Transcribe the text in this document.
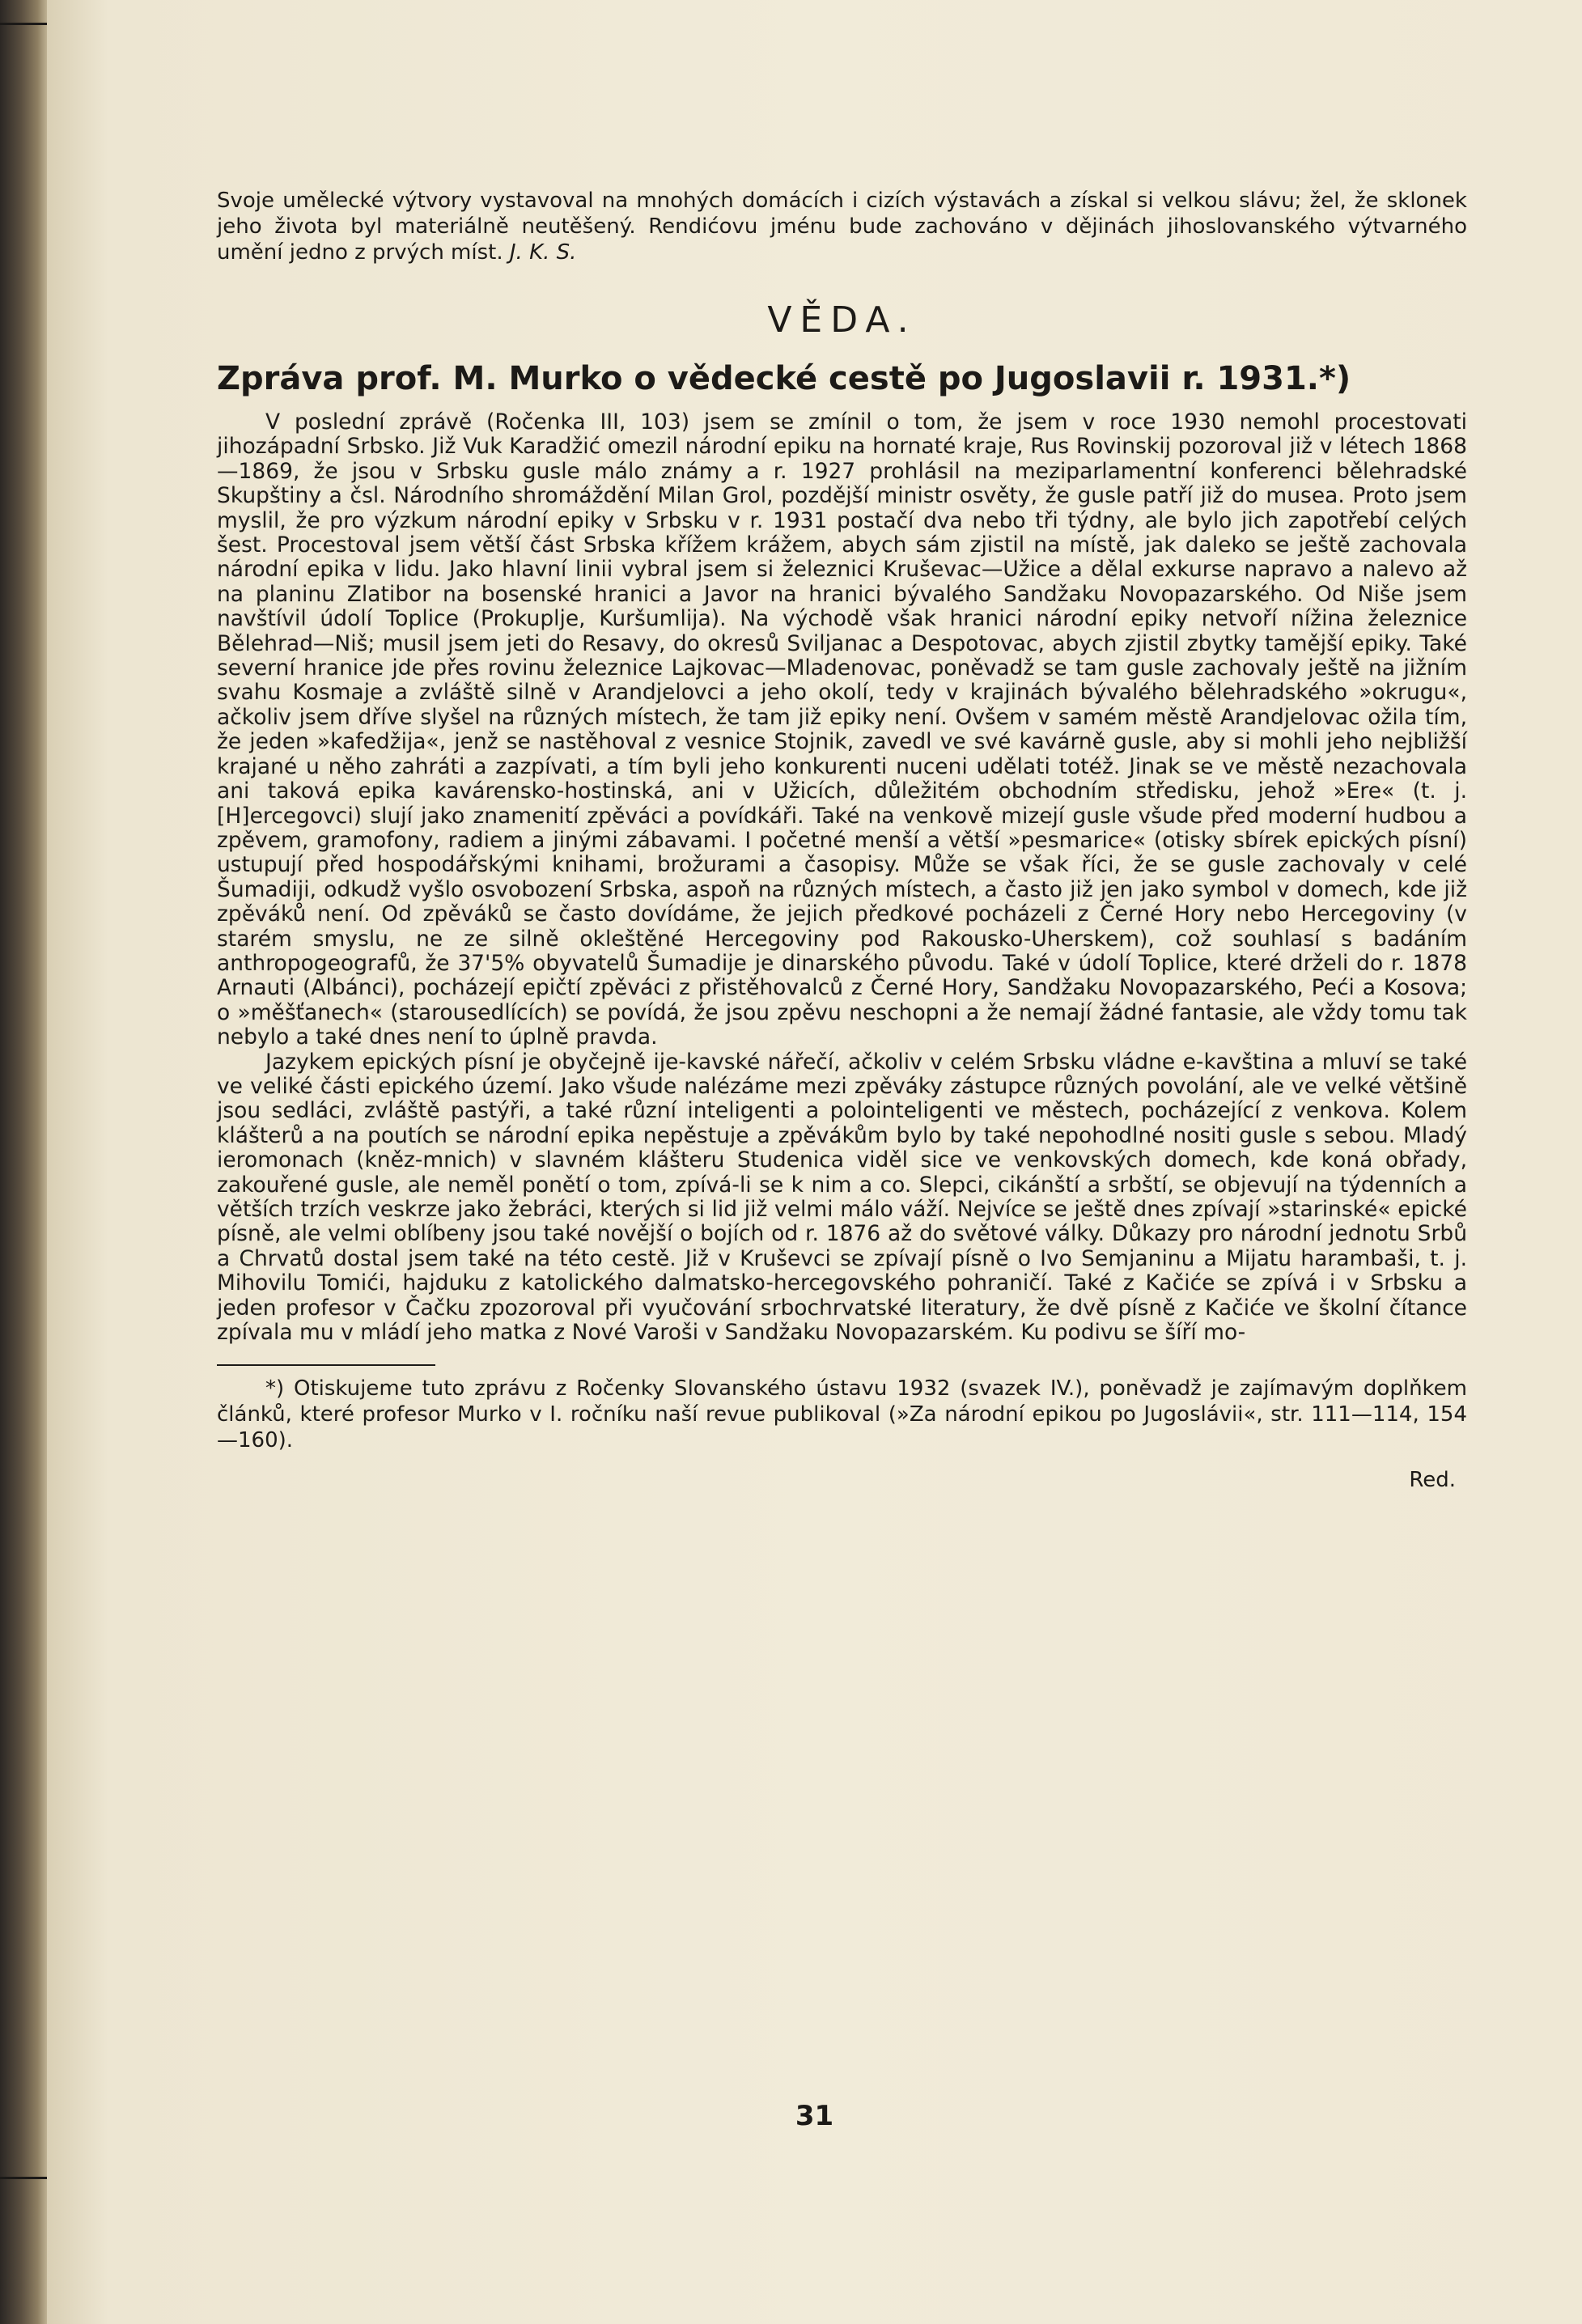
Svoje umělecké výtvory vystavoval na mnohých domácích i cizích výstavách a získal si velkou slávu; žel, že sklonek jeho života byl materiálně neutěšený. Rendićovu jménu bude zachováno v dějinách jihoslovanského výtvarného umění jedno z prvých míst. J. K. S.

VĚDA.
Zpráva prof. M. Murko o vědecké cestě po Jugoslavii r. 1931.*)

V poslední zprávě (Ročenka III, 103) jsem se zmínil o tom, že jsem v roce 1930 nemohl procestovati jihozápadní Srbsko. Již Vuk Karadžić omezil národní epiku na hornaté kraje, Rus Rovinskij pozoroval již v létech 1868—1869, že jsou v Srbsku gusle málo známy a r. 1927 prohlásil na meziparlamentní konferenci bělehradské Skupštiny a čsl. Národního shromáždění Milan Grol, pozdější ministr osvěty, že gusle patří již do musea. Proto jsem myslil, že pro výzkum národní epiky v Srbsku v r. 1931 postačí dva nebo tři týdny, ale bylo jich zapotřebí celých šest. Procestoval jsem větší část Srbska křížem krážem, abych sám zjistil na místě, jak daleko se ještě zachovala národní epika v lidu. Jako hlavní linii vybral jsem si železnici Kruševac—Užice a dělal exkurse napravo a nalevo až na planinu Zlatibor na bosenské hranici a Javor na hranici bývalého Sandžaku Novopazarského. Od Niše jsem navštívil údolí Toplice (Prokuplje, Kuršumlija). Na východě však hranici národní epiky netvoří nížina železnice Bělehrad—Niš; musil jsem jeti do Resavy, do okresů Sviljanac a Despotovac, abych zjistil zbytky tamější epiky. Také severní hranice jde přes rovinu železnice Lajkovac—Mladenovac, poněvadž se tam gusle zachovaly ještě na jižním svahu Kosmaje a zvláště silně v Arandjelovci a jeho okolí, tedy v krajinách bývalého bělehradského »okrugu«, ačkoliv jsem dříve slyšel na různých místech, že tam již epiky není. Ovšem v samém městě Arandjelovac ožila tím, že jeden »kafedžija«, jenž se nastěhoval z vesnice Stojnik, zavedl ve své kavárně gusle, aby si mohli jeho nejbližší krajané u něho zahráti a zazpívati, a tím byli jeho konkurenti nuceni udělati totéž. Jinak se ve městě nezachovala ani taková epika kavárensko-hostinská, ani v Užicích, důležitém obchodním středisku, jehož »Ere« (t. j. [H]ercegovci) slují jako znamenití zpěváci a povídkáři. Také na venkově mizejí gusle všude před moderní hudbou a zpěvem, gramofony, radiem a jinými zábavami. I početné menší a větší »pesmarice« (otisky sbírek epických písní) ustupují před hospodářskými knihami, brožurami a časopisy. Může se však říci, že se gusle zachovaly v celé Šumadiji, odkudž vyšlo osvobození Srbska, aspoň na různých místech, a často již jen jako symbol v domech, kde již zpěváků není. Od zpěváků se často dovídáme, že jejich předkové pocházeli z Černé Hory nebo Hercegoviny (v starém smyslu, ne ze silně okleštěné Hercegoviny pod Rakousko-Uherskem), což souhlasí s badáním anthropogeografů, že 37'5% obyvatelů Šumadije je dinarského původu. Také v údolí Toplice, které drželi do r. 1878 Arnauti (Albánci), pocházejí epičtí zpěváci z přistěhovalců z Černé Hory, Sandžaku Novopazarského, Peći a Kosova; o »měšťanech« (starousedlících) se povídá, že jsou zpěvu neschopni a že nemají žádné fantasie, ale vždy tomu tak nebylo a také dnes není to úplně pravda.

Jazykem epických písní je obyčejně ije-kavské nářečí, ačkoliv v celém Srbsku vládne e-kavština a mluví se také ve veliké části epického území. Jako všude nalézáme mezi zpěváky zástupce různých povolání, ale ve velké většině jsou sedláci, zvláště pastýři, a také různí inteligenti a polointeligenti ve městech, pocházející z venkova. Kolem klášterů a na poutích se národní epika nepěstuje a zpěvákům bylo by také nepohodlné nositi gusle s sebou. Mladý ieromonach (kněz-mnich) v slavném klášteru Studenica viděl sice ve venkovských domech, kde koná obřady, zakouřené gusle, ale neměl ponětí o tom, zpívá-li se k nim a co. Slepci, cikánští a srbští, se objevují na týdenních a větších trzích veskrze jako žebráci, kterých si lid již velmi málo váží. Nejvíce se ještě dnes zpívají »starinské« epické písně, ale velmi oblíbeny jsou také novější o bojích od r. 1876 až do světové války. Důkazy pro národní jednotu Srbů a Chrvatů dostal jsem také na této cestě. Již v Kruševci se zpívají písně o Ivo Semjaninu a Mijatu harambaši, t. j. Mihovilu Tomići, hajduku z katolického dalmatsko-hercegovského pohraničí. Také z Kačiće se zpívá i v Srbsku a jeden profesor v Čačku zpozoroval při vyučování srbochrvatské literatury, že dvě písně z Kačiće ve školní čítance zpívala mu v mládí jeho matka z Nové Varoši v Sandžaku Novopazarském. Ku podivu se šíří mo-

*) Otiskujeme tuto zprávu z Ročenky Slovanského ústavu 1932 (svazek IV.), poněvadž je zajímavým doplňkem článků, které profesor Murko v I. ročníku naší revue publikoval (»Za národní epikou po Jugoslávii«, str. 111—114, 154—160).

Red.
31
